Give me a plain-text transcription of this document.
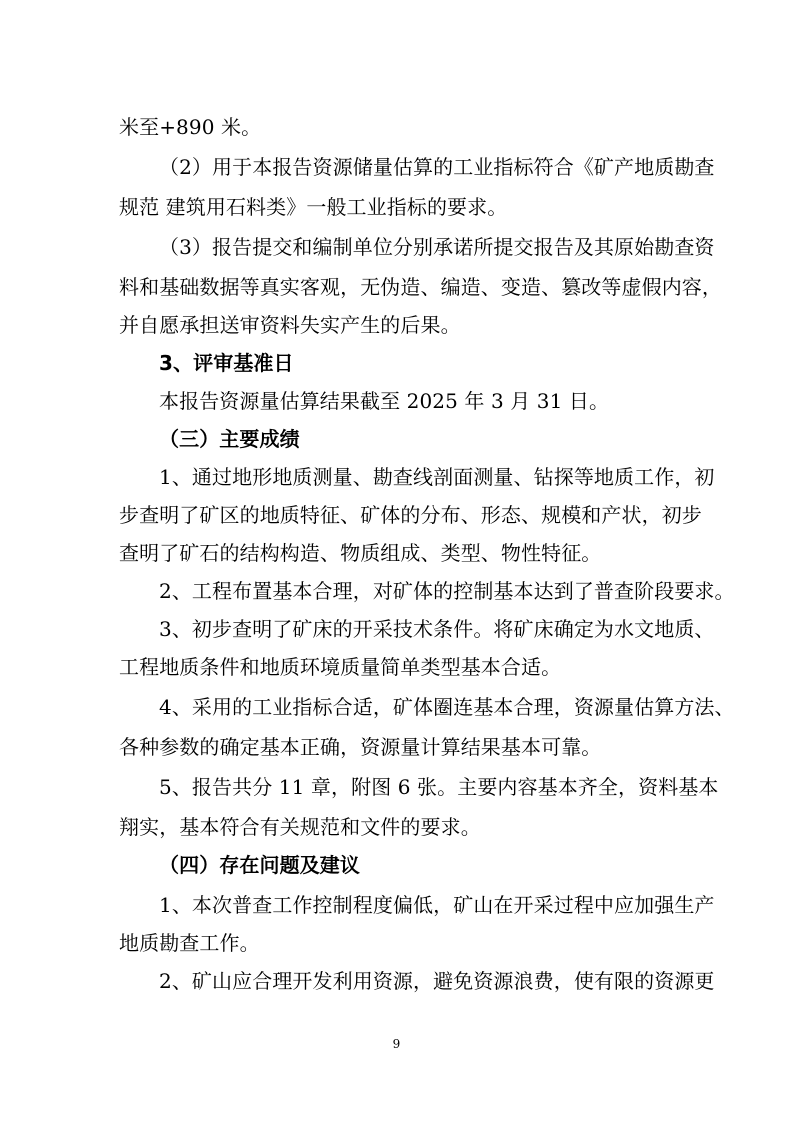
米至+890 米。
（2）用于本报告资源储量估算的工业指标符合《矿产地质勘查
规范 建筑用石料类》一般工业指标的要求。
（3）报告提交和编制单位分别承诺所提交报告及其原始勘查资
料和基础数据等真实客观，无伪造、编造、变造、篡改等虚假内容，
并自愿承担送审资料失实产生的后果。
3、评审基准日
本报告资源量估算结果截至 2025 年 3 月 31 日。
（三）主要成绩
1、通过地形地质测量、勘查线剖面测量、钻探等地质工作，初
步查明了矿区的地质特征、矿体的分布、形态、规模和产状，初步
查明了矿石的结构构造、物质组成、类型、物性特征。
2、工程布置基本合理，对矿体的控制基本达到了普查阶段要求。
3、初步查明了矿床的开采技术条件。将矿床确定为水文地质、
工程地质条件和地质环境质量简单类型基本合适。
4、采用的工业指标合适，矿体圈连基本合理，资源量估算方法、
各种参数的确定基本正确，资源量计算结果基本可靠。
5、报告共分 11 章，附图 6 张。主要内容基本齐全，资料基本
翔实，基本符合有关规范和文件的要求。
（四）存在问题及建议
1、本次普查工作控制程度偏低，矿山在开采过程中应加强生产
地质勘查工作。
2、矿山应合理开发利用资源，避免资源浪费，使有限的资源更
9
